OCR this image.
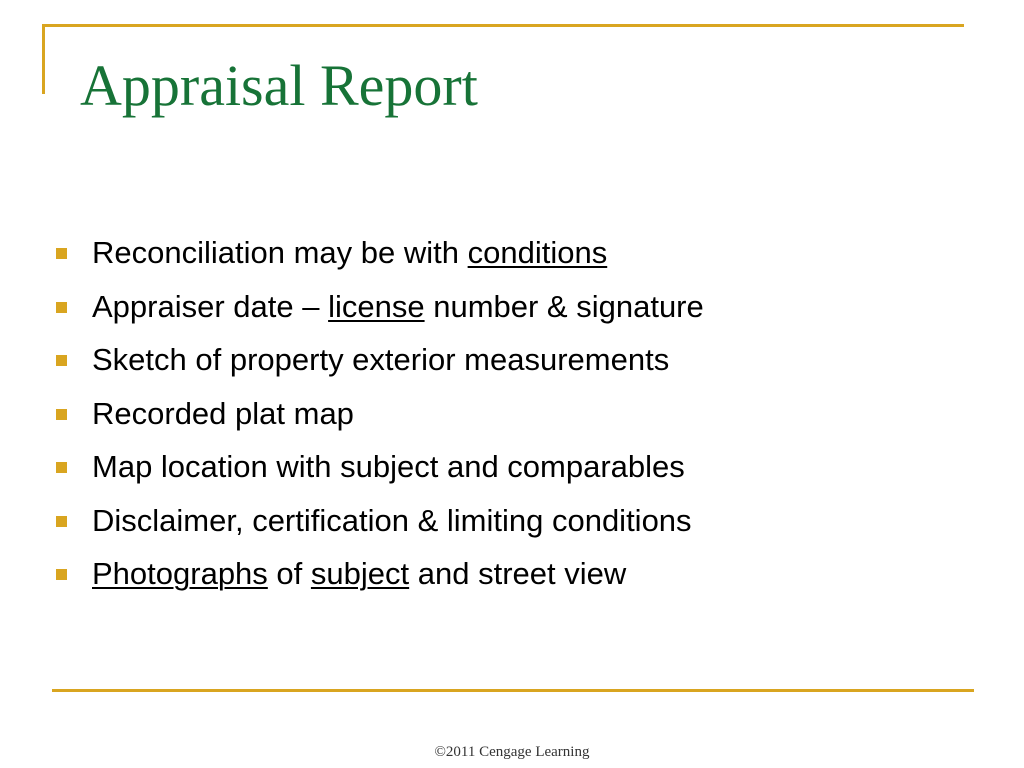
Appraisal Report
Reconciliation may be with conditions
Appraiser date – license number & signature
Sketch of property exterior measurements
Recorded plat map
Map location with subject and comparables
Disclaimer, certification & limiting conditions
Photographs of subject and street view
©2011 Cengage Learning
